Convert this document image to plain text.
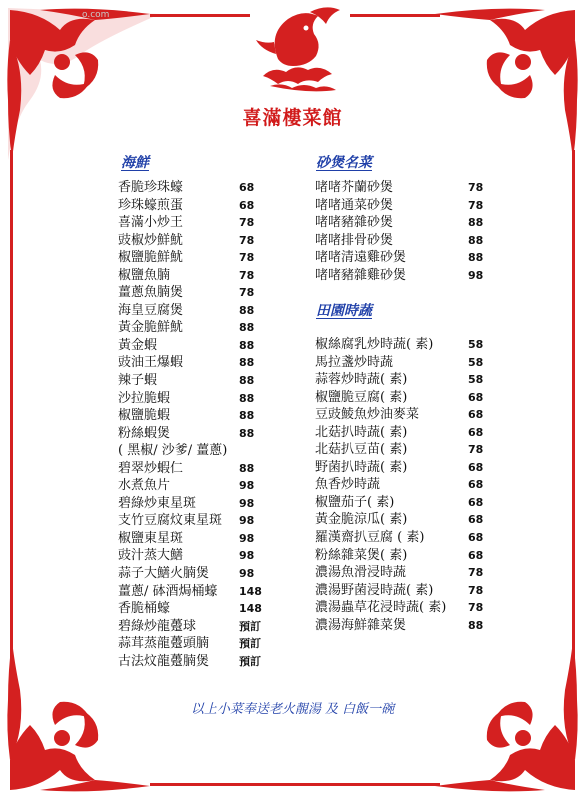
o.com
喜滿樓菜館
海鮮
香脆珍珠蠔	68
珍珠蠔煎蛋	68
喜滿小炒王	78
豉椒炒鮮魷	78
椒鹽脆鮮魷	78
椒鹽魚腩	78
薑蔥魚腩煲	78
海皇豆腐煲	88
黃金脆鮮魷	88
黃金蝦	88
豉油王爆蝦	88
辣子蝦	88
沙拉脆蝦	88
椒鹽脆蝦	88
粉絲蝦煲	88
( 黑椒/ 沙爹/ 薑蔥)
碧翠炒蝦仁	88
水煮魚片	98
碧綠炒東星斑	98
支竹豆腐炆東星斑 98
椒鹽東星斑	98
豉汁蒸大鱔	98
蒜子大鱔火腩煲	98
薑蔥/ 砵酒焗桶蠔 148
香脆桶蠔	148
碧綠炒龍躉球	預訂
蒜茸蒸龍躉頭腩	預訂
古法炆龍躉腩煲	預訂
砂煲名菜
啫啫芥蘭砂煲	78
啫啫通菜砂煲	78
啫啫豬雜砂煲	88
啫啫排骨砂煲	88
啫啫清遠雞砂煲	88
啫啫豬雜雞砂煲	98
田園時蔬
椒絲腐乳炒時蔬( 素)	58
馬拉盞炒時蔬	58
蒜蓉炒時蔬( 素)	58
椒鹽脆豆腐( 素)	68
豆豉鯪魚炒油麥菜	68
北菇扒時蔬( 素)	68
北菇扒豆苗( 素)	78
野菌扒時蔬( 素)	68
魚香炒時蔬	68
椒鹽茄子( 素)	68
黃金脆涼瓜( 素)	68
羅漢齋扒豆腐 ( 素)	68
粉絲雜菜煲( 素)	68
濃湯魚滑浸時蔬	78
濃湯野菌浸時蔬( 素)	78
濃湯蟲草花浸時蔬( 素) 78
濃湯海鮮雜菜煲	88
以上小菜奉送老火靚湯 及 白飯一碗
